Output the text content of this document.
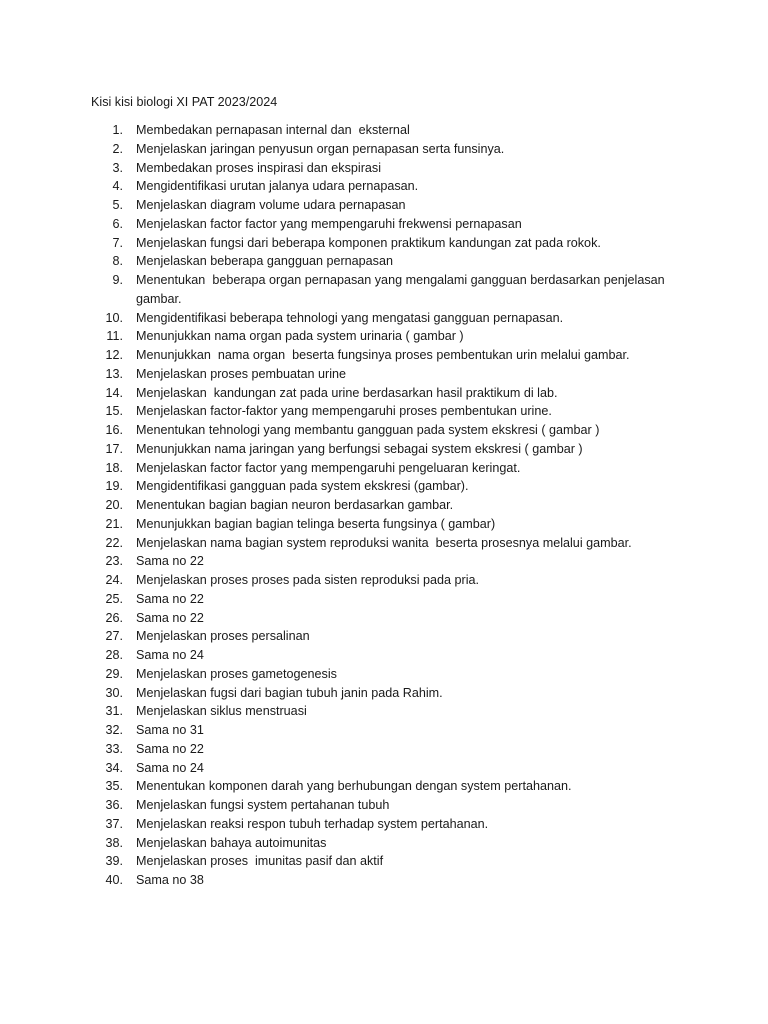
Kisi kisi biologi XI PAT 2023/2024
1. Membedakan pernapasan internal dan  eksternal
2. Menjelaskan jaringan penyusun organ pernapasan serta funsinya.
3. Membedakan proses inspirasi dan ekspirasi
4. Mengidentifikasi urutan jalanya udara pernapasan.
5. Menjelaskan diagram volume udara pernapasan
6. Menjelaskan factor factor yang mempengaruhi frekwensi pernapasan
7. Menjelaskan fungsi dari beberapa komponen praktikum kandungan zat pada rokok.
8. Menjelaskan beberapa gangguan pernapasan
9. Menentukan  beberapa organ pernapasan yang mengalami gangguan berdasarkan penjelasan
gambar.
10. Mengidentifikasi beberapa tehnologi yang mengatasi gangguan pernapasan.
11. Menunjukkan nama organ pada system urinaria ( gambar )
12. Menunjukkan  nama organ  beserta fungsinya proses pembentukan urin melalui gambar.
13. Menjelaskan proses pembuatan urine
14. Menjelaskan  kandungan zat pada urine berdasarkan hasil praktikum di lab.
15. Menjelaskan factor-faktor yang mempengaruhi proses pembentukan urine.
16. Menentukan tehnologi yang membantu gangguan pada system ekskresi ( gambar )
17. Menunjukkan nama jaringan yang berfungsi sebagai system ekskresi ( gambar )
18. Menjelaskan factor factor yang mempengaruhi pengeluaran keringat.
19. Mengidentifikasi gangguan pada system ekskresi (gambar).
20. Menentukan bagian bagian neuron berdasarkan gambar.
21. Menunjukkan bagian bagian telinga beserta fungsinya ( gambar)
22. Menjelaskan nama bagian system reproduksi wanita  beserta prosesnya melalui gambar.
23. Sama no 22
24. Menjelaskan proses proses pada sisten reproduksi pada pria.
25. Sama no 22
26. Sama no 22
27. Menjelaskan proses persalinan
28. Sama no 24
29. Menjelaskan proses gametogenesis
30. Menjelaskan fugsi dari bagian tubuh janin pada Rahim.
31. Menjelaskan siklus menstruasi
32. Sama no 31
33. Sama no 22
34. Sama no 24
35. Menentukan komponen darah yang berhubungan dengan system pertahanan.
36. Menjelaskan fungsi system pertahanan tubuh
37. Menjelaskan reaksi respon tubuh terhadap system pertahanan.
38. Menjelaskan bahaya autoimunitas
39. Menjelaskan proses  imunitas pasif dan aktif
40. Sama no 38
